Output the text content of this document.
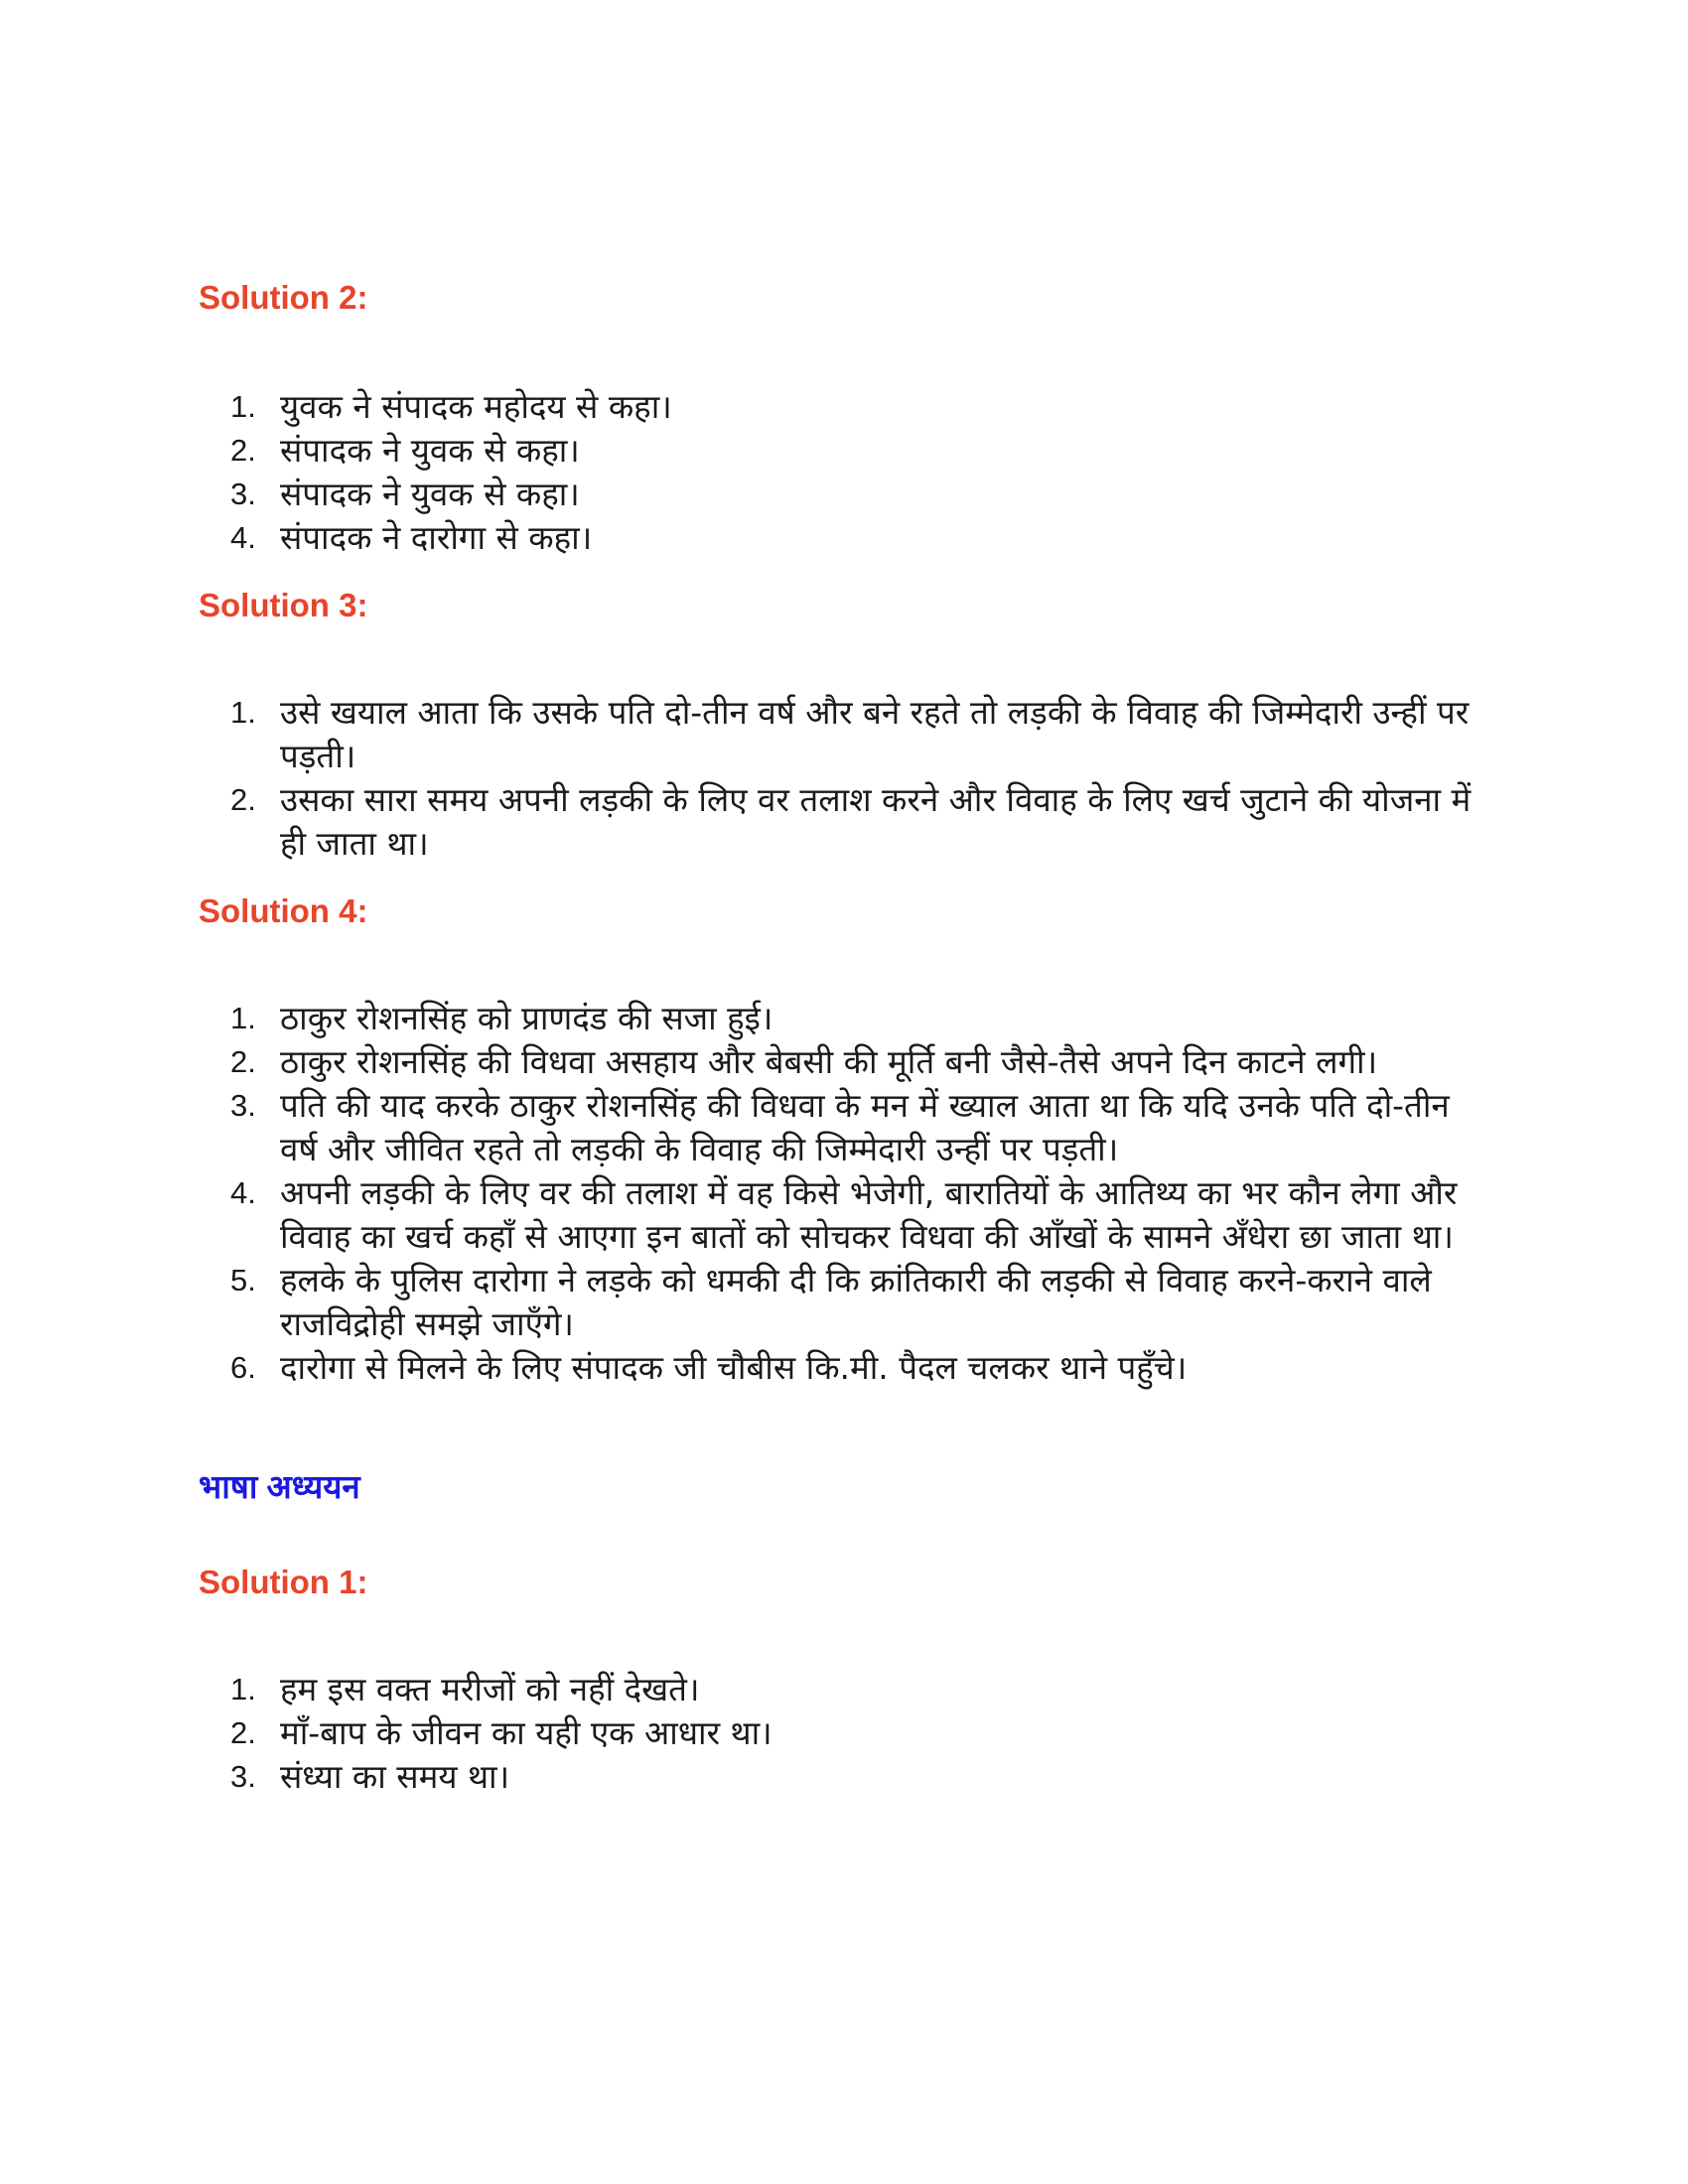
Solution 2:
1. युवक ने संपादक महोदय से कहा।
2. संपादक ने युवक से कहा।
3. संपादक ने युवक से कहा।
4. संपादक ने दारोगा से कहा।
Solution 3:
1. उसे खयाल आता कि उसके पति दो-तीन वर्ष और बने रहते तो लड़की के विवाह की जिम्मेदारी उन्हीं पर पड़ती।
2. उसका सारा समय अपनी लड़की के लिए वर तलाश करने और विवाह के लिए खर्च जुटाने की योजना में ही जाता था।
Solution 4:
1. ठाकुर रोशनसिंह को प्राणदंड की सजा हुई।
2. ठाकुर रोशनसिंह की विधवा असहाय और बेबसी की मूर्ति बनी जैसे-तैसे अपने दिन काटने लगी।
3. पति की याद करके ठाकुर रोशनसिंह की विधवा के मन में ख्याल आता था कि यदि उनके पति दो-तीन वर्ष और जीवित रहते तो लड़की के विवाह की जिम्मेदारी उन्हीं पर पड़ती।
4. अपनी लड़की के लिए वर की तलाश में वह किसे भेजेगी, बारातियों के आतिथ्य का भर कौन लेगा और विवाह का खर्च कहाँ से आएगा इन बातों को सोचकर विधवा की आँखों के सामने अँधेरा छा जाता था।
5. हलके के पुलिस दारोगा ने लड़के को धमकी दी कि क्रांतिकारी की लड़की से विवाह करने-कराने वाले राजविद्रोही समझे जाएँगे।
6. दारोगा से मिलने के लिए संपादक जी चौबीस कि.मी. पैदल चलकर थाने पहुँचे।
भाषा अध्ययन
Solution 1:
1. हम इस वक्त मरीजों को नहीं देखते।
2. माँ-बाप के जीवन का यही एक आधार था।
3. संध्या का समय था।
